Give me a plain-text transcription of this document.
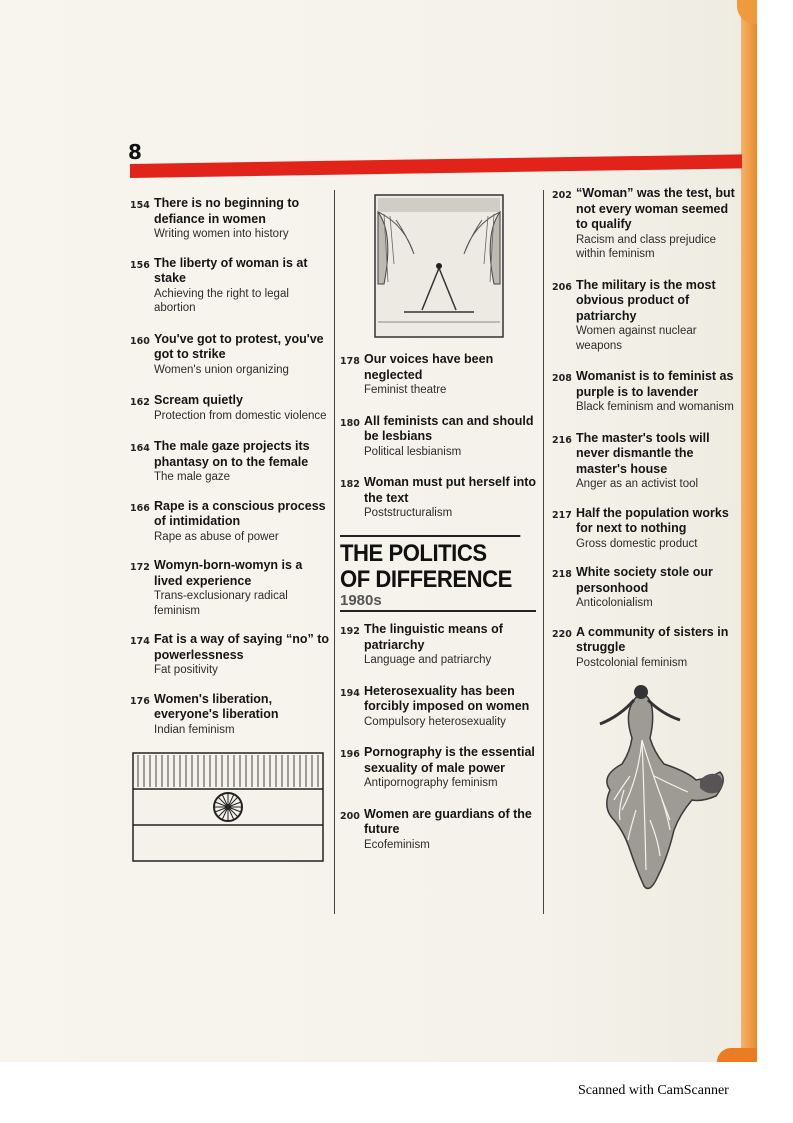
8
154 There is no beginning to defiance in women
Writing women into history
156 The liberty of woman is at stake
Achieving the right to legal abortion
160 You've got to protest, you've got to strike
Women's union organizing
162 Scream quietly
Protection from domestic violence
164 The male gaze projects its phantasy on to the female
The male gaze
166 Rape is a conscious process of intimidation
Rape as abuse of power
172 Womyn-born-womyn is a lived experience
Trans-exclusionary radical feminism
174 Fat is a way of saying “no” to powerlessness
Fat positivity
176 Women's liberation, everyone's liberation
Indian feminism
178 Our voices have been neglected
Feminist theatre
180 All feminists can and should be lesbians
Political lesbianism
182 Woman must put herself into the text
Poststructuralism
THE POLITICS
OF DIFFERENCE
1980s
192 The linguistic means of patriarchy
Language and patriarchy
194 Heterosexuality has been forcibly imposed on women
Compulsory heterosexuality
196 Pornography is the essential sexuality of male power
Antipornography feminism
200 Women are guardians of the future
Ecofeminism
202 “Woman” was the test, but not every woman seemed to qualify
Racism and class prejudice within feminism
206 The military is the most obvious product of patriarchy
Women against nuclear weapons
208 Womanist is to feminist as purple is to lavender
Black feminism and womanism
216 The master's tools will never dismantle the master's house
Anger as an activist tool
217 Half the population works for next to nothing
Gross domestic product
218 White society stole our personhood
Anticolonialism
220 A community of sisters in struggle
Postcolonial feminism
Scanned with CamScanner
